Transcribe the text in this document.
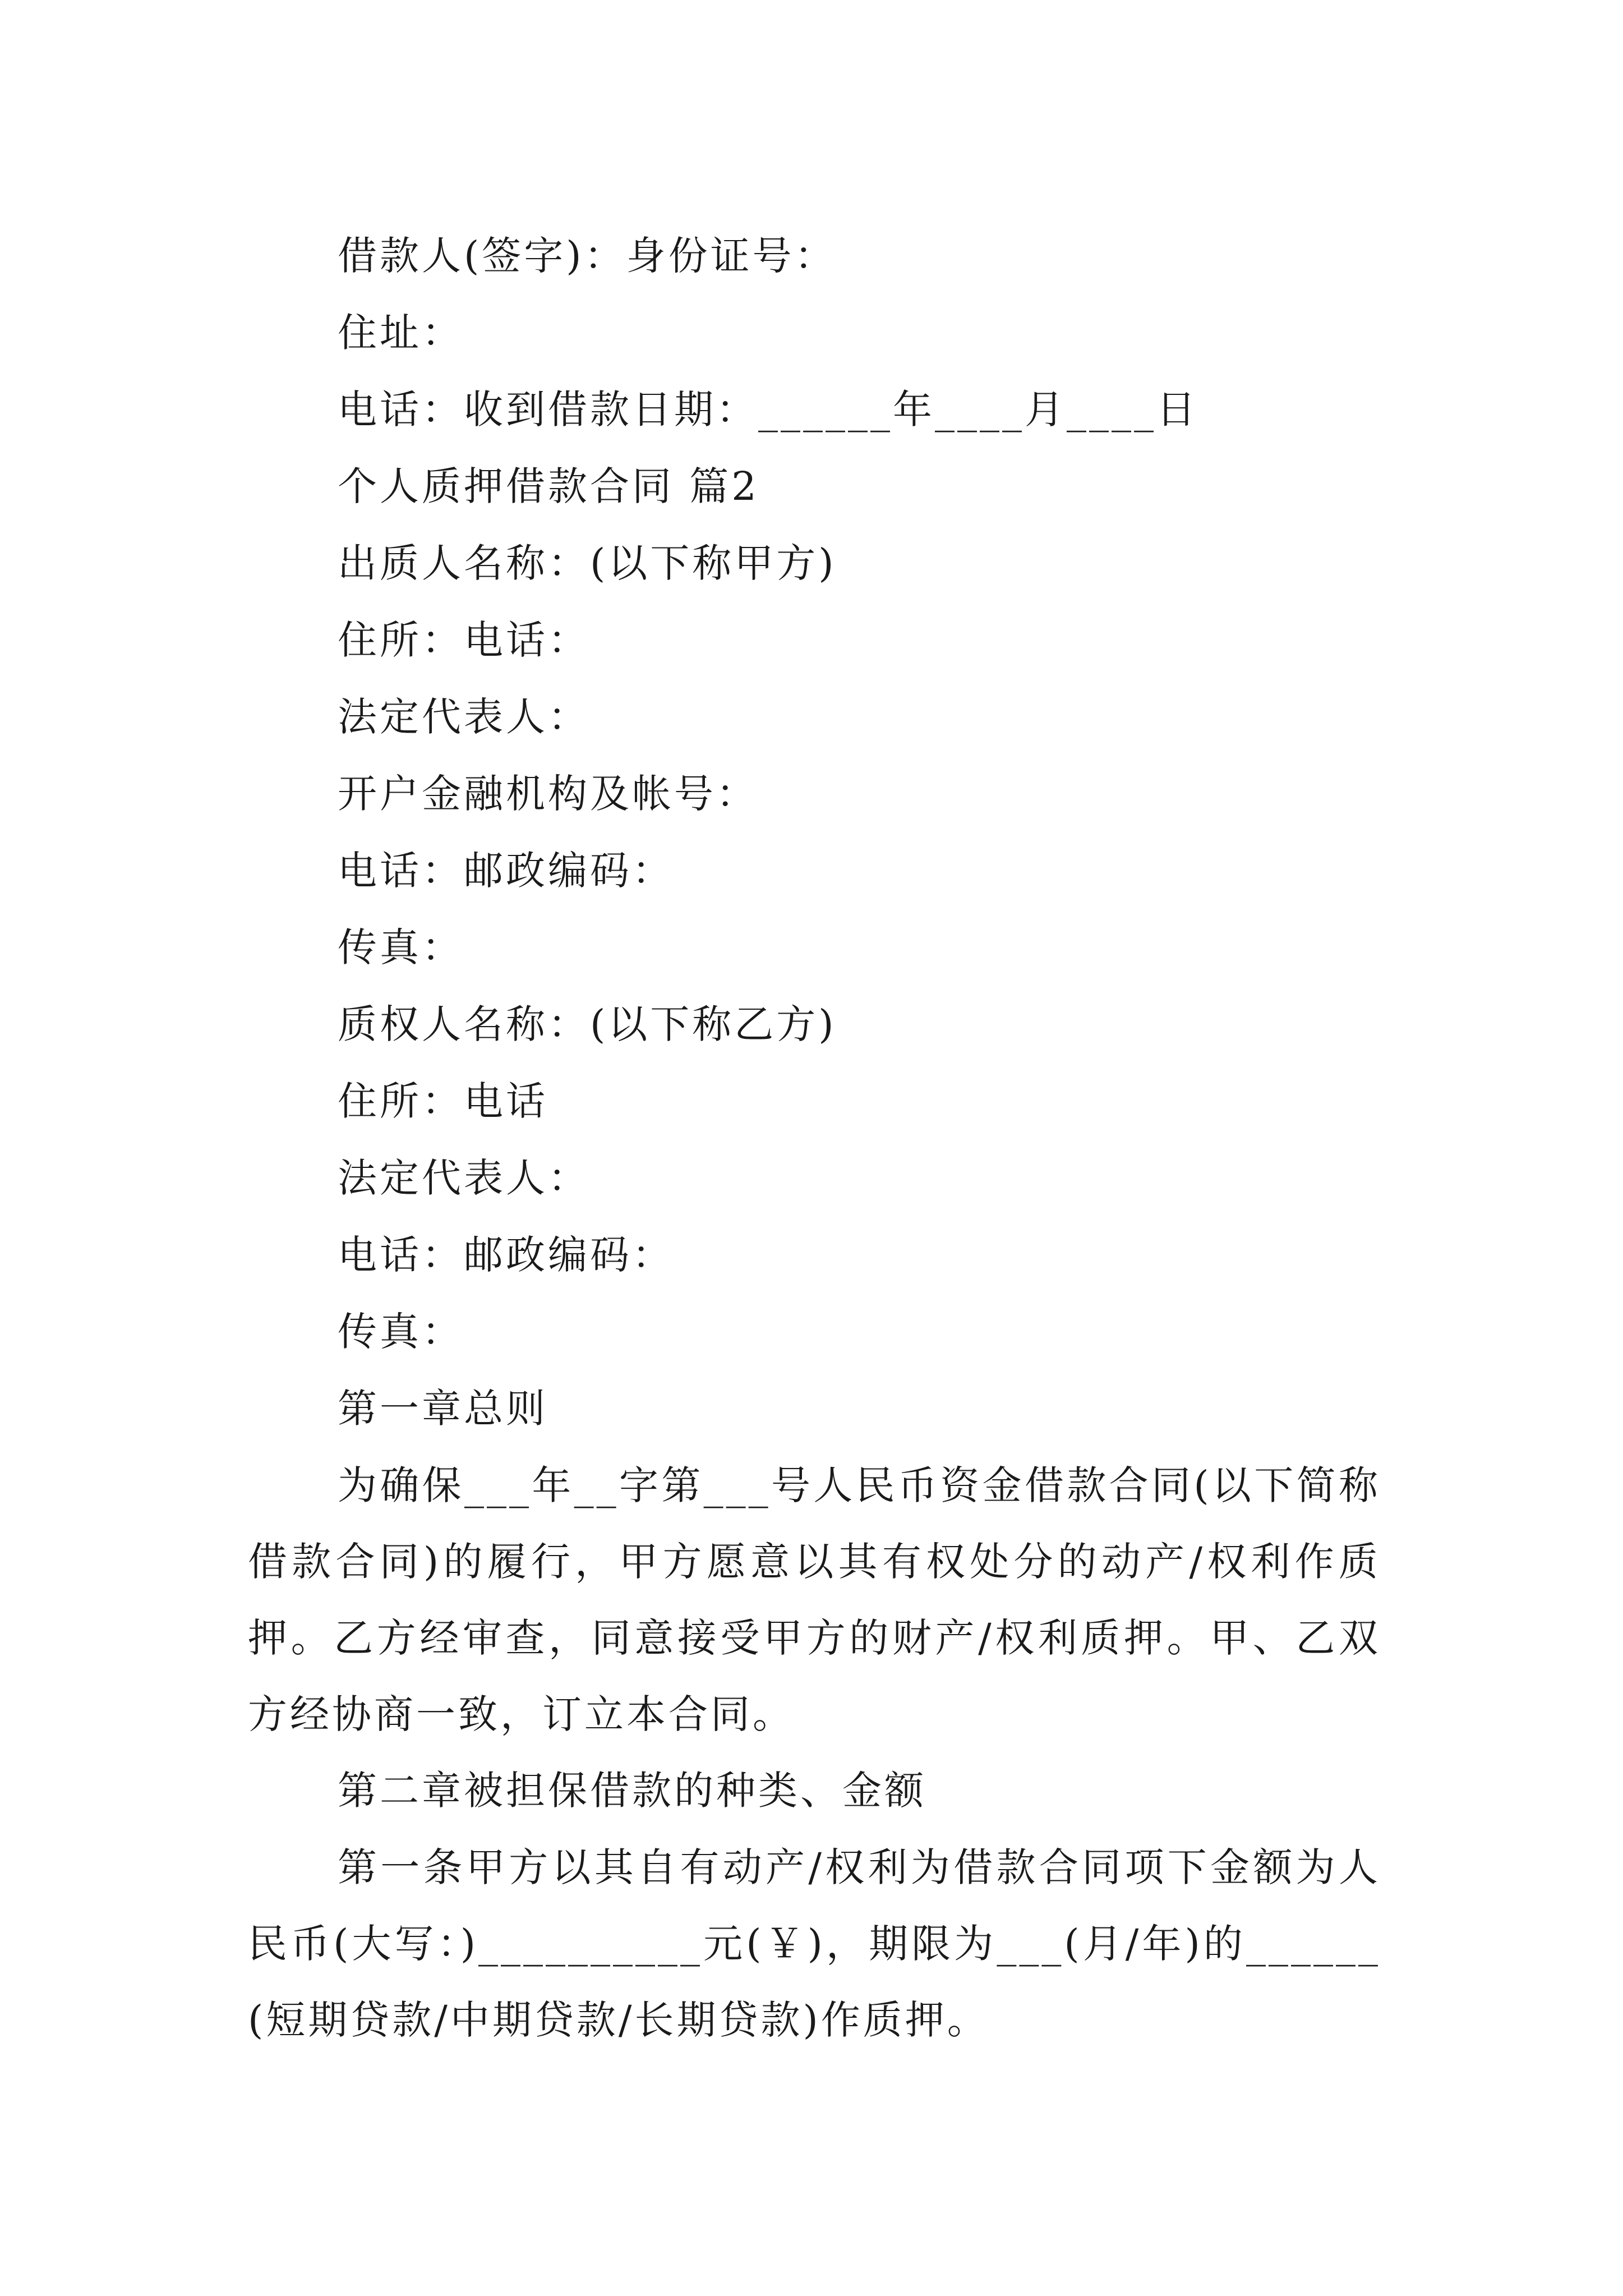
借款人(签字)：身份证号：
住址：
电话：收到借款日期：______年____月____日
个人质押借款合同 篇2
出质人名称：(以下称甲方)
住所：电话：
法定代表人：
开户金融机构及帐号：
电话：邮政编码：
传真：
质权人名称：(以下称乙方)
住所：电话
法定代表人：
电话：邮政编码：
传真：
第一章总则
为确保___年__字第___号人民币资金借款合同(以下简称借款合同)的履行，甲方愿意以其有权处分的动产/权利作质押。乙方经审查，同意接受甲方的财产/权利质押。甲、乙双方经协商一致，订立本合同。
第二章被担保借款的种类、金额
第一条甲方以其自有动产/权利为借款合同项下金额为人民币(大写：)__________元(￥)，期限为___(月/年)的______(短期贷款/中期贷款/长期贷款)作质押。
